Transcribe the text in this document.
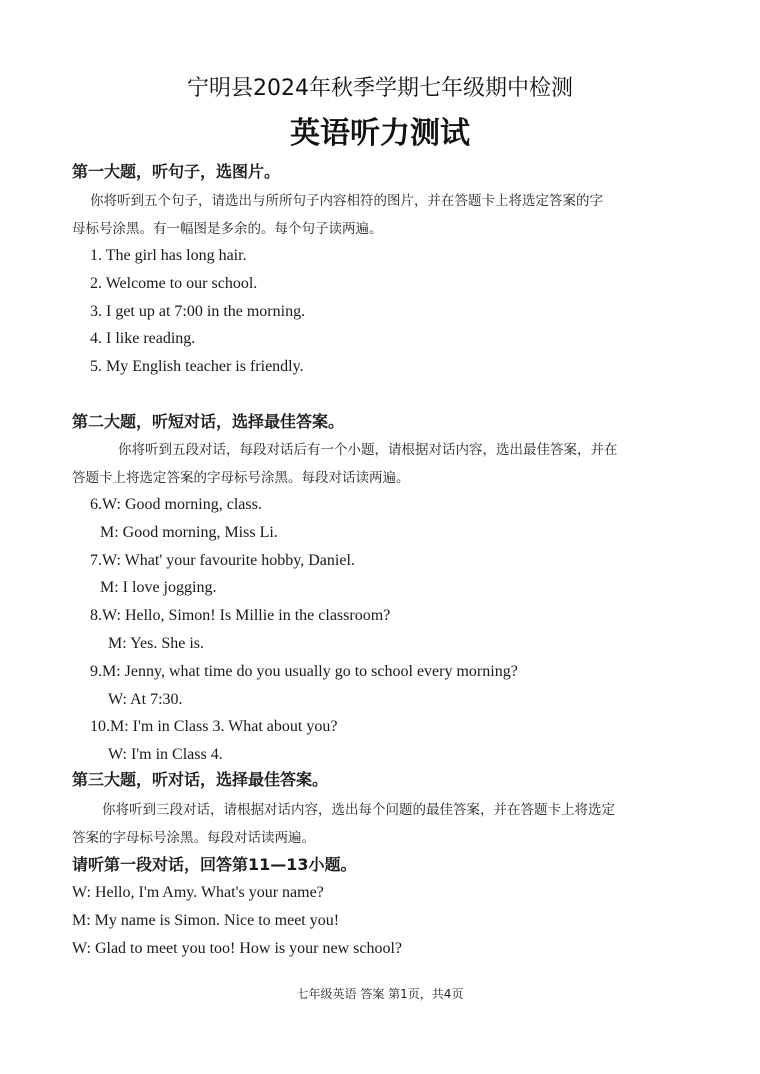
宁明县2024年秋季学期七年级期中检测
英语听力测试
第一大题，听句子，选图片。
你将听到五个句子，请选出与所所句子内容相符的图片，并在答题卡上将选定答案的字
母标号涂黑。有一幅图是多余的。每个句子读两遍。
1. The girl has long hair.
2. Welcome to our school.
3. I get up at 7:00 in the morning.
4. I like reading.
5. My English teacher is friendly.
第二大题，听短对话，选择最佳答案。
你将听到五段对话，每段对话后有一个小题，请根据对话内容，选出最佳答案，并在
答题卡上将选定答案的字母标号涂黑。每段对话读两遍。
6.W: Good morning, class.
M: Good morning, Miss Li.
7.W: What' your favourite hobby, Daniel.
M: I love jogging.
8.W: Hello, Simon! Is Millie in the classroom?
M: Yes. She is.
9.M: Jenny, what time do you usually go to school every morning?
W: At 7:30.
10.M: I'm in Class 3. What about you?
W: I'm in Class 4.
第三大题，听对话，选择最佳答案。
你将听到三段对话，请根据对话内容，选出每个问题的最佳答案，并在答题卡上将选定
答案的字母标号涂黑。每段对话读两遍。
请听第一段对话，回答第11—13小题。
W: Hello, I'm Amy. What's your name?
M: My name is Simon. Nice to meet you!
W: Glad to meet you too! How is your new school?
七年级英语 答案 第1页，共4页
